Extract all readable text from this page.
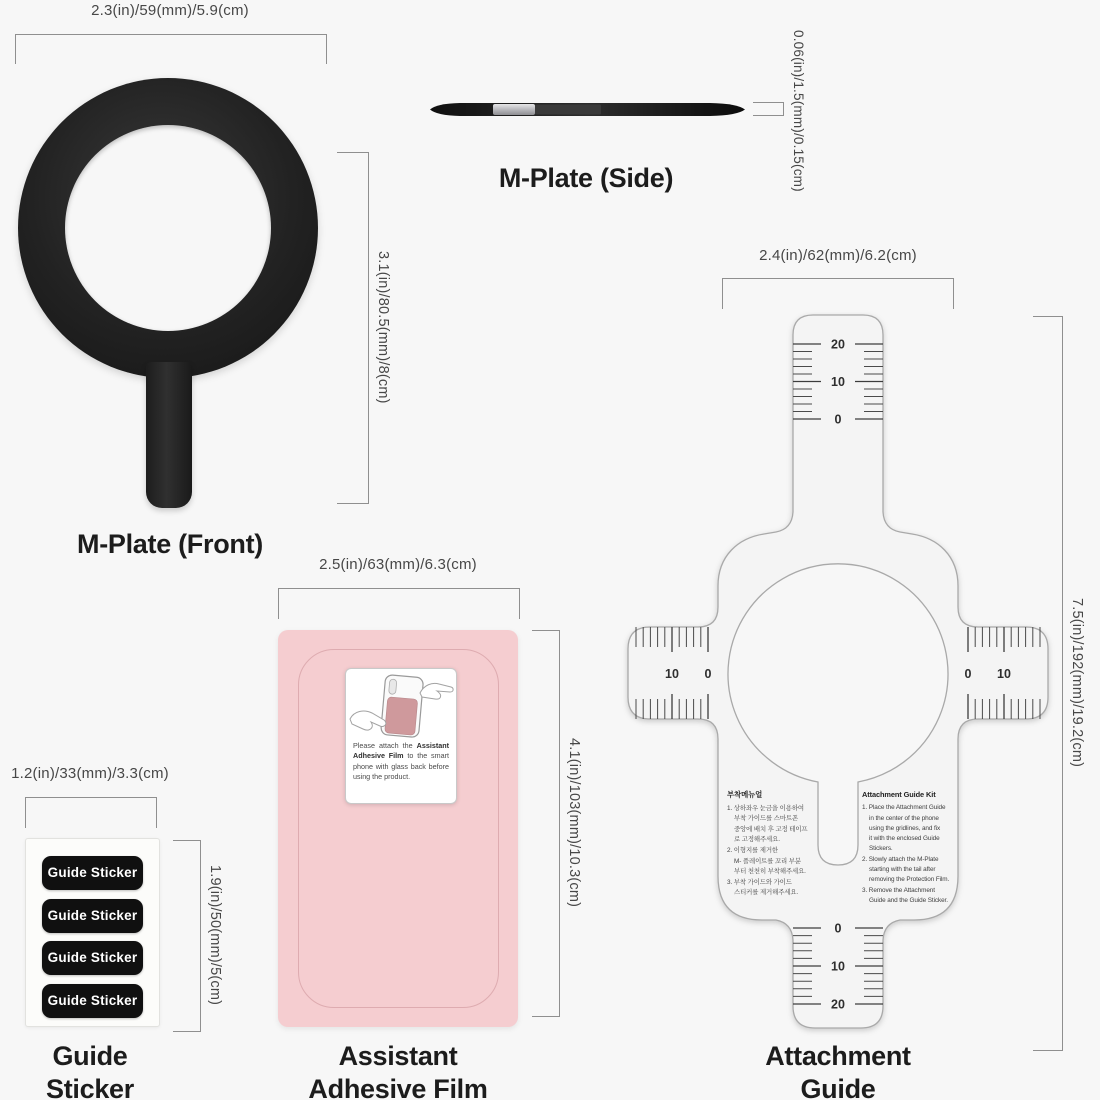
2.3(in)/59(mm)/5.9(cm)
3.1(in)/80.5(mm)/8(cm)
M-Plate (Front)
0.06(in)/1.5(mm)/0.15(cm)
M-Plate (Side)
2.4(in)/62(mm)/6.2(cm)
20
10
0
0
10
20
10 0	0 10
부착메뉴얼
1. 상하좌우 눈금을 이용하여
부착 가이드를 스마트폰
중앙에 배치 후 고정 테이프
로 고정해주세요.
2. 이형지를 제거한
M- 플레이트를 꼬리 부분
부터 천천히 부착해주세요.
3. 부착 가이드와 가이드
스티커를 제거해주세요.
Attachment Guide Kit
1. Place the Attachment Guide
in the center of the phone
using the gridlines, and fix
it with the enclosed Guide
Stickers.
2. Slowly attach the M-Plate
starting with the tail after
removing the Protection Film.
3. Remove the Attachment
Guide and the Guide Sticker.
7.5(in)/192(mm)/19.2(cm)
Attachment
Guide
2.5(in)/63(mm)/6.3(cm)
Please attach the Assistant Adhesive Film to the smart phone with glass back before using the product.	4.1(in)/103(mm)/10.3(cm)
Assistant
Adhesive Film
1.2(in)/33(mm)/3.3(cm)
Guide Sticker
Guide Sticker
Guide Sticker
Guide Sticker	1.9(in)/50(mm)/5(cm)
Guide
Sticker
